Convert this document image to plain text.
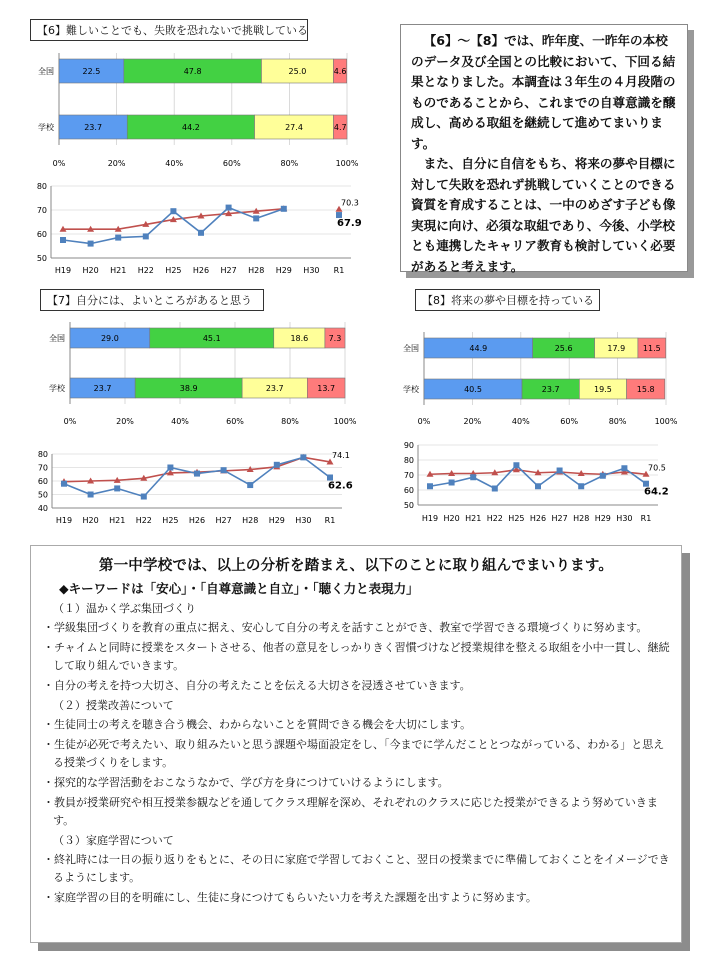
【6】難しいことでも、失敗を恐れないで挑戦している
0%	20%	40%	60%	80%	100%
全国	22.5	47.8	25.0	4.6
学校	23.7	44.2	27.4	4.7
50
60
70
80
H19 H20 H21 H22 H25 H26 H27 H28 H29 H30 R1
70.3
67.9

【6】～【8】では、昨年度、一昨年の本校のデータ及び全国との比較において、下回る結果となりました。本調査は３年生の４月段階のものであることから、これまでの自尊意識を醸成し、高める取組を継続して進めてまいります。

また、自分に自信をもち、将来の夢や目標に対して失敗を恐れず挑戦していくことのできる資質を育成することは、一中のめざす子ども像実現に向け、必須な取組であり、今後、小学校とも連携したキャリア教育も検討していく必要があると考えます。

【7】自分には、よいところがあると思う
0%	20%	40%	60%	80%	100%
全国	29.0	45.1	18.6	7.3
学校	23.7	38.9	23.7	13.7
40
50
60
70
80
H19 H20 H21 H22 H25 H26 H27 H28 H29 H30 R1
74.1
62.6
【8】将来の夢や目標を持っている
0%	20%	40%	60%	80%	100%
全国	44.9	25.6	17.9 11.5
学校	40.5	23.7	19.5	15.8
50
60
70
80
90
H19 H20 H21 H22 H25 H26 H27 H28 H29 H30 R1
70.5
64.2
第一中学校では、以上の分析を踏まえ、以下のことに取り組んでまいります。
◆キーワードは「安心」・「自尊意識と自立」・「聴く力と表現力」
（１）温かく学ぶ集団づくり
・学級集団づくりを教育の重点に据え、安心して自分の考えを話すことができ、教室で学習できる環境づくりに努めます。
・チャイムと同時に授業をスタートさせる、他者の意見をしっかりきく習慣づけなど授業規律を整える取組を小中一貫し、継続して取り組んでいきます。
・自分の考えを持つ大切さ、自分の考えたことを伝える大切さを浸透させていきます。
（２）授業改善について
・生徒同士の考えを聴き合う機会、わからないことを質問できる機会を大切にします。
・生徒が必死で考えたい、取り組みたいと思う課題や場面設定をし、「今までに学んだこととつながっている、わかる」と思える授業づくりをします。
・探究的な学習活動をおこなうなかで、学び方を身につけていけるようにします。
・教員が授業研究や相互授業参観などを通してクラス理解を深め、それぞれのクラスに応じた授業ができるよう努めていきます。
（３）家庭学習について
・終礼時には一日の振り返りをもとに、その日に家庭で学習しておくこと、翌日の授業までに準備しておくことをイメージできるようにします。
・家庭学習の目的を明確にし、生徒に身につけてもらいたい力を考えた課題を出すように努めます。
